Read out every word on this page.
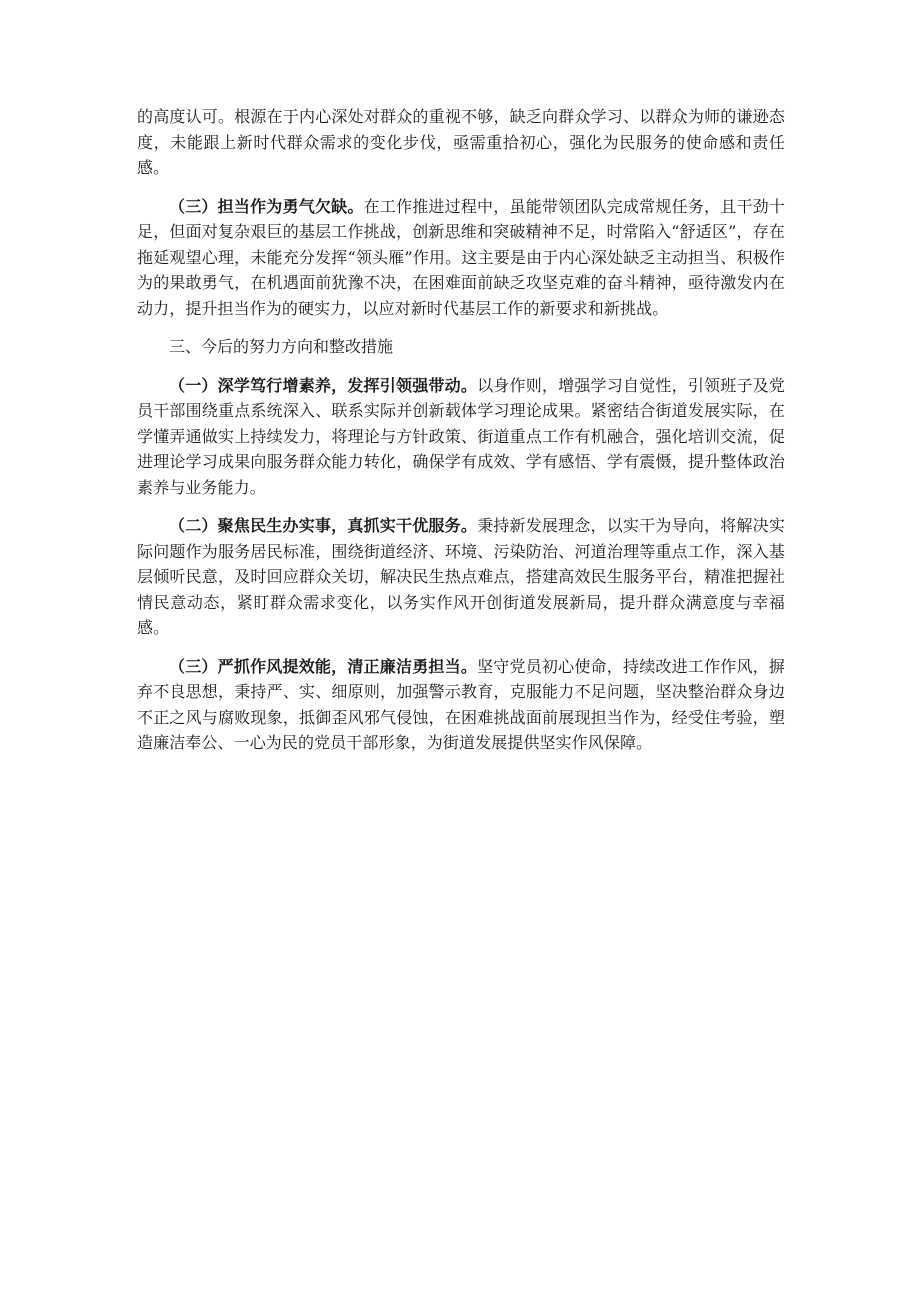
的高度认可。根源在于内心深处对群众的重视不够，缺乏向群众学习、以群众为师的谦逊态度，未能跟上新时代群众需求的变化步伐，亟需重拾初心，强化为民服务的使命感和责任感。

（三）担当作为勇气欠缺。在工作推进过程中，虽能带领团队完成常规任务，且干劲十足，但面对复杂艰巨的基层工作挑战，创新思维和突破精神不足，时常陷入“舒适区”，存在拖延观望心理，未能充分发挥“领头雁”作用。这主要是由于内心深处缺乏主动担当、积极作为的果敢勇气，在机遇面前犹豫不决，在困难面前缺乏攻坚克难的奋斗精神，亟待激发内在动力，提升担当作为的硬实力，以应对新时代基层工作的新要求和新挑战。

三、今后的努力方向和整改措施

（一）深学笃行增素养，发挥引领强带动。以身作则，增强学习自觉性，引领班子及党员干部围绕重点系统深入、联系实际并创新载体学习理论成果。紧密结合街道发展实际，在学懂弄通做实上持续发力，将理论与方针政策、街道重点工作有机融合，强化培训交流，促进理论学习成果向服务群众能力转化，确保学有成效、学有感悟、学有震慑，提升整体政治素养与业务能力。

（二）聚焦民生办实事，真抓实干优服务。秉持新发展理念，以实干为导向，将解决实际问题作为服务居民标准，围绕街道经济、环境、污染防治、河道治理等重点工作，深入基层倾听民意，及时回应群众关切，解决民生热点难点，搭建高效民生服务平台，精准把握社情民意动态，紧盯群众需求变化，以务实作风开创街道发展新局，提升群众满意度与幸福感。

（三）严抓作风提效能，清正廉洁勇担当。坚守党员初心使命，持续改进工作作风，摒弃不良思想，秉持严、实、细原则，加强警示教育，克服能力不足问题，坚决整治群众身边不正之风与腐败现象，抵御歪风邪气侵蚀，在困难挑战面前展现担当作为，经受住考验，塑造廉洁奉公、一心为民的党员干部形象，为街道发展提供坚实作风保障。
